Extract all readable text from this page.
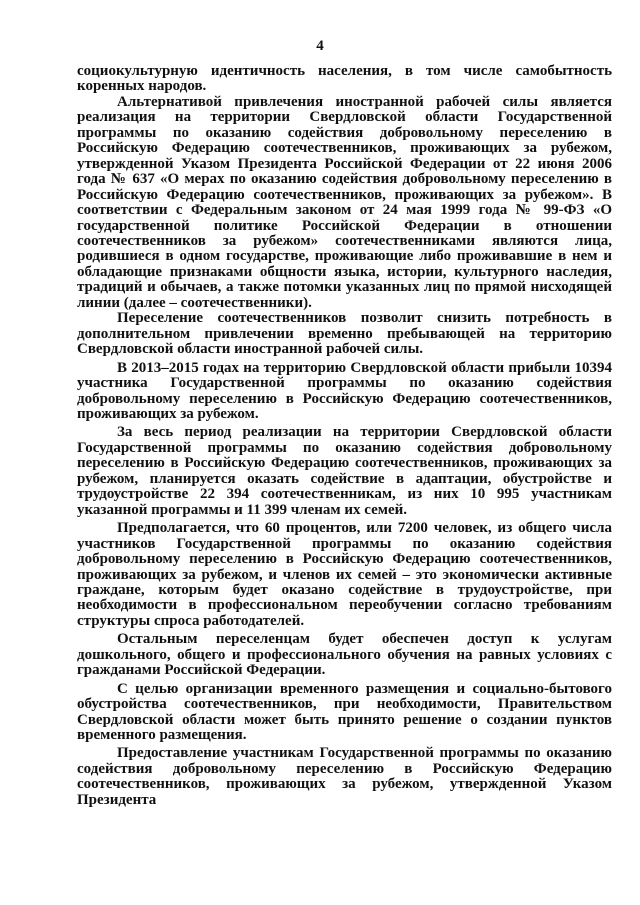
4

социокультурную идентичность населения, в том числе самобытность коренных народов.

Альтернативой привлечения иностранной рабочей силы является реализация на территории Свердловской области Государственной программы по оказанию содействия добровольному переселению в Российскую Федерацию соотечественников, проживающих за рубежом, утвержденной Указом Президента Российской Федерации от 22 июня 2006 года № 637 «О мерах по оказанию содействия добровольному переселению в Российскую Федерацию соотечественников, проживающих за рубежом». В соответствии с Федеральным законом от 24 мая 1999 года № 99-ФЗ «О государственной политике Российской Федерации в отношении соотечественников за рубежом» соотечественниками являются лица, родившиеся в одном государстве, проживающие либо проживавшие в нем и обладающие признаками общности языка, истории, культурного наследия, традиций и обычаев, а также потомки указанных лиц по прямой нисходящей линии (далее – соотечественники).

Переселение соотечественников позволит снизить потребность в дополнительном привлечении временно пребывающей на территорию Свердловской области иностранной рабочей силы.

В 2013–2015 годах на территорию Свердловской области прибыли 10394 участника Государственной программы по оказанию содействия добровольному переселению в Российскую Федерацию соотечественников, проживающих за рубежом.

За весь период реализации на территории Свердловской области Государственной программы по оказанию содействия добровольному переселению в Российскую Федерацию соотечественников, проживающих за рубежом, планируется оказать содействие в адаптации, обустройстве и трудоустройстве 22 394 соотечественникам, из них 10 995 участникам указанной программы и 11 399 членам их семей.

Предполагается, что 60 процентов, или 7200 человек, из общего числа участников Государственной программы по оказанию содействия добровольному переселению в Российскую Федерацию соотечественников, проживающих за рубежом, и членов их семей – это экономически активные граждане, которым будет оказано содействие в трудоустройстве, при необходимости в профессиональном переобучении согласно требованиям структуры спроса работодателей.

Остальным переселенцам будет обеспечен доступ к услугам дошкольного, общего и профессионального обучения на равных условиях с гражданами Российской Федерации.

С целью организации временного размещения и социально-бытового обустройства соотечественников, при необходимости, Правительством Свердловской области может быть принято решение о создании пунктов временного размещения.

Предоставление участникам Государственной программы по оказанию содействия добровольному переселению в Российскую Федерацию соотечественников, проживающих за рубежом, утвержденной Указом Президента
